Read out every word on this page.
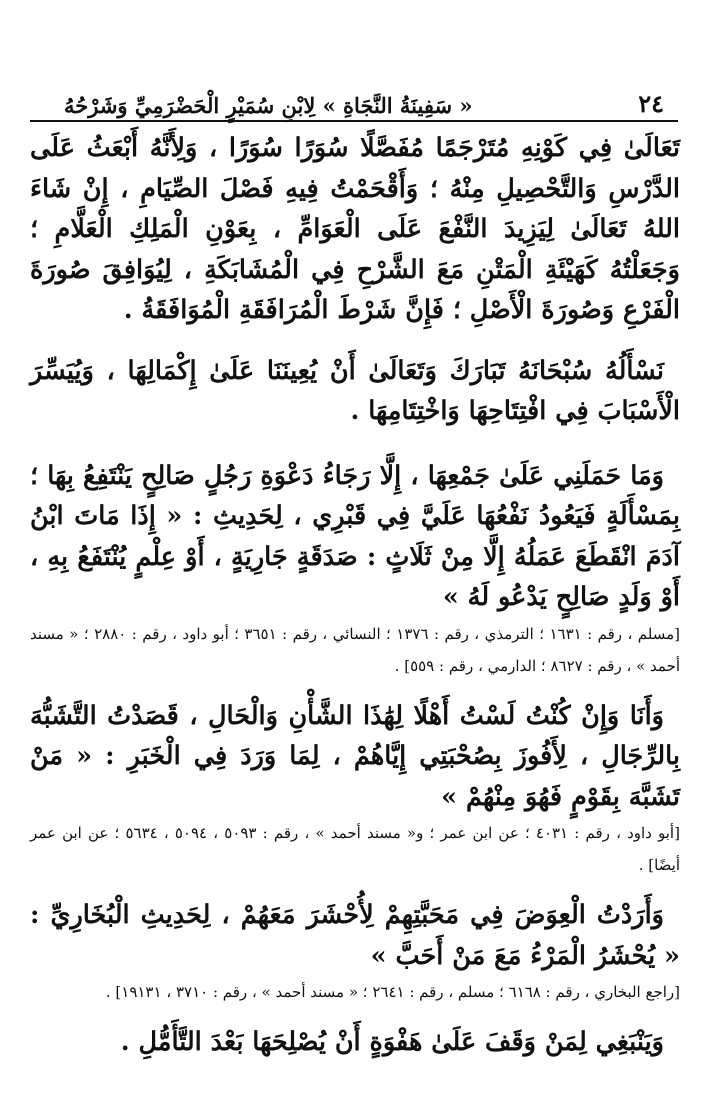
٢٤
« سَفِينَةُ النَّجَاةِ » لِابْنِ سُمَيْرٍ الْحَضْرَمِيِّ وَشَرْحُهُ

تَعَالَىٰ فِي كَوْنِهِ مُتَرْجَمًا مُفَصَّلًا سُوَرًا سُوَرًا ، وَلِأَنَّهُ أَبْعَثُ عَلَى الدَّرْسِ وَالتَّحْصِيلِ مِنْهُ ؛ وَأَقْحَمْتُ فِيهِ فَصْلَ الصِّيَامِ ، إِنْ شَاءَ اللهُ تَعَالَىٰ لِيَزِيدَ النَّفْعَ عَلَى الْعَوَامِّ ، بِعَوْنِ الْمَلِكِ الْعَلَّامِ ؛ وَجَعَلْتُهُ كَهَيْئَةِ الْمَتْنِ مَعَ الشَّرْحِ فِي الْمُشَابَكَةِ ، لِيُوَافِقَ صُورَةَ الْفَرْعِ وَصُورَةَ الْأَصْلِ ؛ فَإِنَّ شَرْطَ الْمُرَافَقَةِ الْمُوَافَقَةُ .

نَسْأَلُهُ سُبْحَانَهُ تَبَارَكَ وَتَعَالَىٰ أَنْ يُعِينَنَا عَلَىٰ إِكْمَالِهَا ، وَيُيَسِّرَ الْأَسْبَابَ فِي افْتِتَاحِهَا وَاخْتِتَامِهَا .

وَمَا حَمَلَنِي عَلَىٰ جَمْعِهَا ، إِلَّا رَجَاءُ دَعْوَةِ رَجُلٍ صَالِحٍ يَنْتَفِعُ بِهَا ؛ بِمَسْأَلَةٍ فَيَعُودُ نَفْعُهَا عَلَيَّ فِي قَبْرِي ، لِحَدِيثِ : « إِذَا مَاتَ ابْنُ آدَمَ انْقَطَعَ عَمَلُهُ إِلَّا مِنْ ثَلَاثٍ : صَدَقَةٍ جَارِيَةٍ ، أَوْ عِلْمٍ يُنْتَفَعُ بِهِ ، أَوْ وَلَدٍ صَالِحٍ يَدْعُو لَهُ »

[مسلم ، رقم : ١٦٣١ ؛ الترمذي ، رقم : ١٣٧٦ ؛ النسائي ، رقم : ٣٦٥١ ؛ أبو داود ، رقم : ٢٨٨٠ ؛ « مسند أحمد » ، رقم : ٨٦٢٧ ؛ الدارمي ، رقم : ٥٥٩] .

وَأَنَا وَإِنْ كُنْتُ لَسْتُ أَهْلًا لِهَٰذَا الشَّأْنِ وَالْحَالِ ، قَصَدْتُ التَّشَبُّهَ بِالرِّجَالِ ، لِأَفُوزَ بِصُحْبَتِي إِيَّاهُمْ ، لِمَا وَرَدَ فِي الْخَبَرِ : « مَنْ تَشَبَّهَ بِقَوْمٍ فَهُوَ مِنْهُمْ »

[أبو داود ، رقم : ٤٠٣١ ؛ عن ابن عمر ؛ و« مسند أحمد » ، رقم : ٥٠٩٣ ، ٥٠٩٤ ، ٥٦٣٤ ؛ عن ابن عمر أيضًا] .

وَأَرَدْتُ الْعِوَضَ فِي مَحَبَّتِهِمْ لِأُحْشَرَ مَعَهُمْ ، لِحَدِيثِ الْبُخَارِيِّ : « يُحْشَرُ الْمَرْءُ مَعَ مَنْ أَحَبَّ »

[راجع البخاري ، رقم : ٦١٦٨ ؛ مسلم ، رقم : ٢٦٤١ ؛ « مسند أحمد » ، رقم : ٣٧١٠ ، ١٩١٣١] .

وَيَنْبَغِي لِمَنْ وَقَفَ عَلَىٰ هَفْوَةٍ أَنْ يُصْلِحَهَا بَعْدَ التَّأَمُّلِ .
